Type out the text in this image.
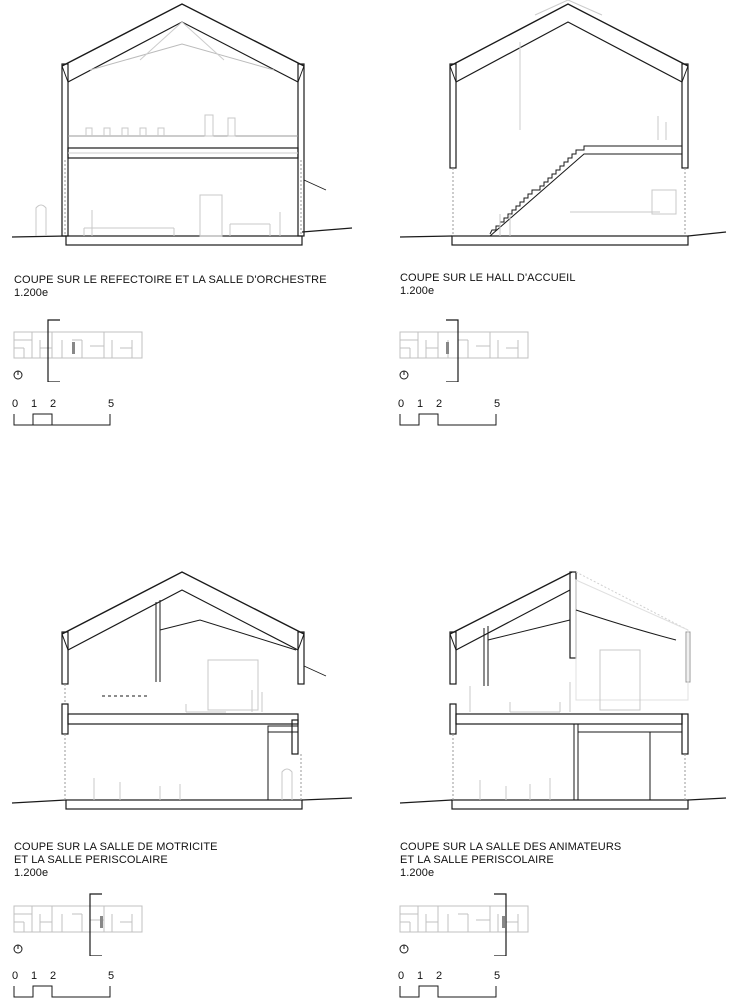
COUPE SUR LE REFECTOIRE ET LA SALLE D'ORCHESTRE
1.200e
0 1 2	5
COUPE SUR LE HALL D'ACCUEIL
1.200e
0 1 2	5
COUPE SUR LA SALLE DE MOTRICITE
ET LA SALLE PERISCOLAIRE
1.200e
0 1 2	5
COUPE SUR LA SALLE DES ANIMATEURS
ET LA SALLE PERISCOLAIRE
1.200e
0 1 2	5
